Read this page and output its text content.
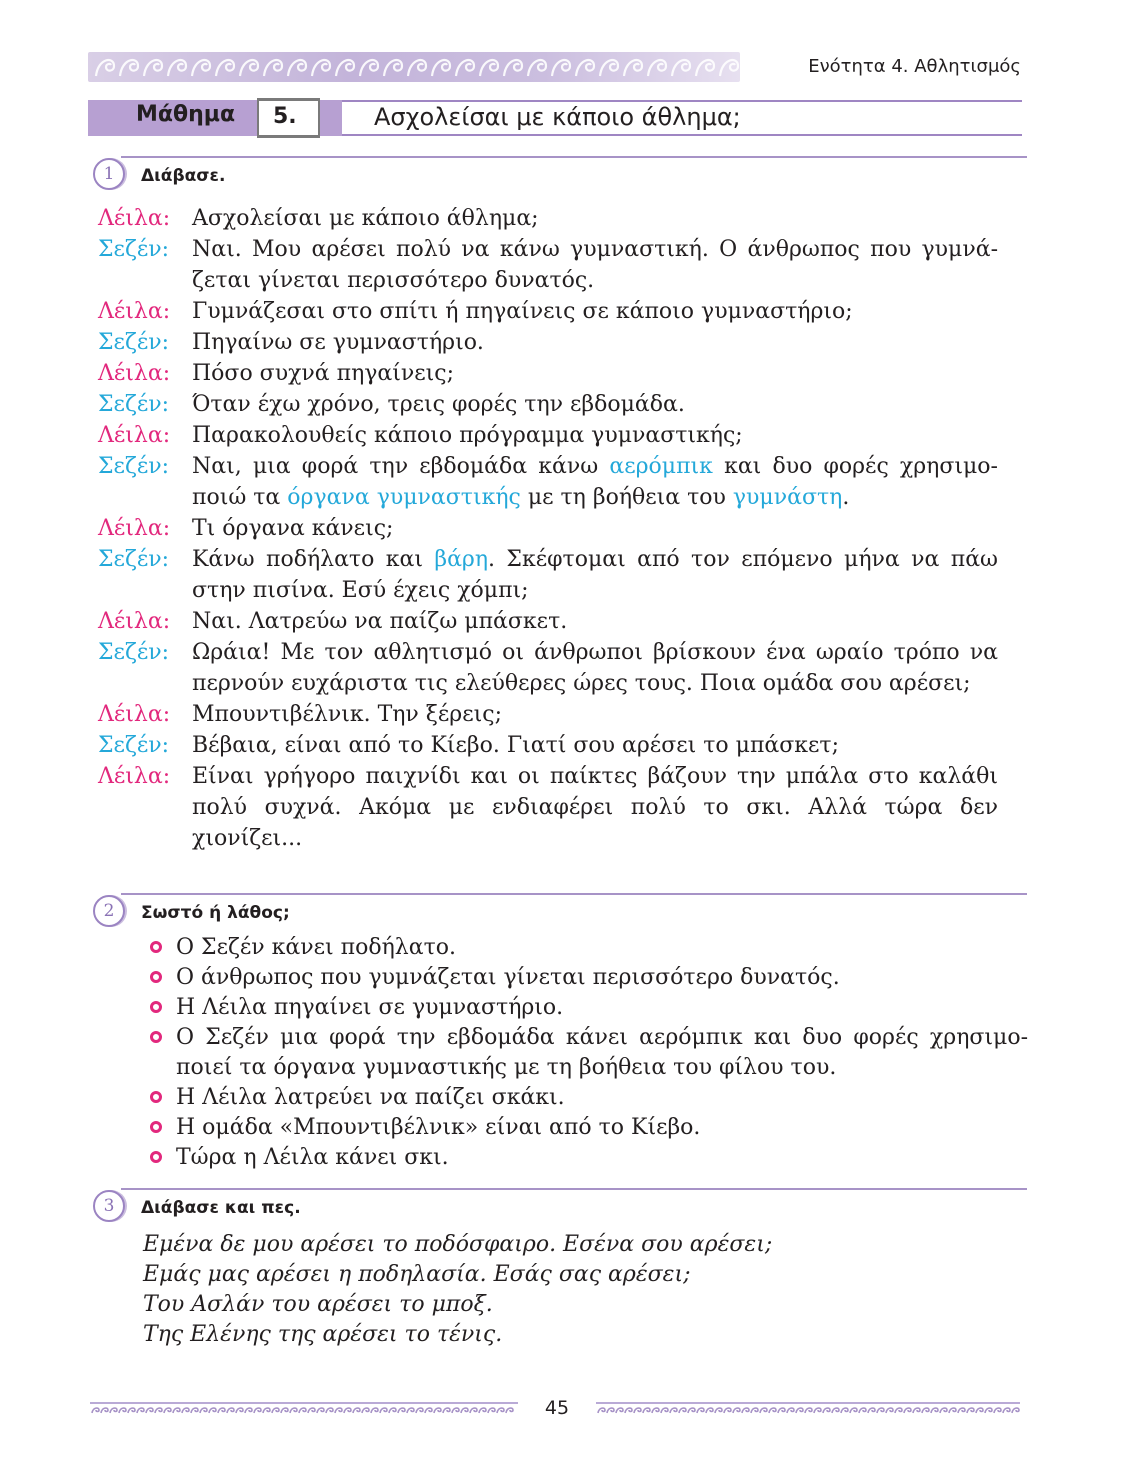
Ενότητα 4. Αθλητισμός
Μάθημα 5.	Ασχολείσαι με κάποιο άθλημα;
1	Διάβασε.
Λέιλα: Ασχολείσαι με κάποιο άθλημα;
Σεζέν:	Ναι. Μου αρέσει πολύ να κάνω γυμναστική. Ο άνθρωπος που γυμνάζεται γίνεται περισσότερο δυνατός.
Λέιλα: Γυμνάζεσαι στο σπίτι ή πηγαίνεις σε κάποιο γυμναστήριο;
Σεζέν:	Πηγαίνω σε γυμναστήριο.
Λέιλα: Πόσο συχνά πηγαίνεις;
Σεζέν:	Όταν έχω χρόνο, τρεις φορές την εβδομάδα.
Λέιλα: Παρακολουθείς κάποιο πρόγραμμα γυμναστικής;
Σεζέν:	Ναι, μια φορά την εβδομάδα κάνω αερόμπικ και δυο φορές χρησιμοποιώ τα όργανα γυμναστικής με τη βοήθεια του γυμνάστη.
Λέιλα: Τι όργανα κάνεις;
Σεζέν:	Κάνω ποδήλατο και βάρη. Σκέφτομαι από τον επόμενο μήνα να πάω στην πισίνα. Εσύ έχεις χόμπι;
Λέιλα: Ναι. Λατρεύω να παίζω μπάσκετ.
Σεζέν:	Ωράια! Με τον αθλητισμό οι άνθρωποι βρίσκουν ένα ωραίο τρόπο να περνούν ευχάριστα τις ελεύθερες ώρες τους. Ποια ομάδα σου αρέσει;
Λέιλα: Μπουντιβέλνικ. Την ξέρεις;
Σεζέν:	Βέβαια, είναι από το Κίεβο. Γιατί σου αρέσει το μπάσκετ;
Λέιλα: Είναι γρήγορο παιχνίδι και οι παίκτες βάζουν την μπάλα στο καλάθι πολύ συχνά. Ακόμα με ενδιαφέρει πολύ το σκι. Αλλά τώρα δεν χιονίζει...
2	Σωστό ή λάθος;
Ο Σεζέν κάνει ποδήλατο.
Ο άνθρωπος που γυμνάζεται γίνεται περισσότερο δυνατός.
Η Λέιλα πηγαίνει σε γυμναστήριο.
Ο Σεζέν μια φορά την εβδομάδα κάνει αερόμπικ και δυο φορές χρησιμοποιεί τα όργανα γυμναστικής με τη βοήθεια του φίλου του.
Η Λέιλα λατρεύει να παίζει σκάκι.
Η ομάδα «Μπουντιβέλνικ» είναι από το Κίεβο.
Τώρα η Λέιλα κάνει σκι.
3	Διάβασε και πες.
Εμένα δε μου αρέσει το ποδόσφαιρο. Εσένα σου αρέσει;
Εμάς μας αρέσει η ποδηλασία. Εσάς σας αρέσει;
Του Ασλάν του αρέσει το μποξ.
Της Ελένης της αρέσει το τένις.
45
